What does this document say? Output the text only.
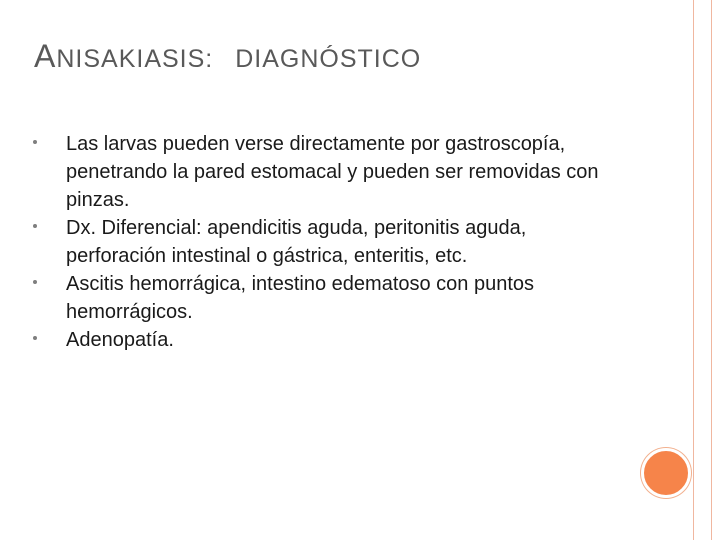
ANISAKIASIS: DIAGNÓSTICO
Las larvas pueden verse directamente por gastroscopía, penetrando la pared estomacal y pueden ser removidas con pinzas.
Dx. Diferencial: apendicitis aguda, peritonitis aguda, perforación intestinal o gástrica, enteritis, etc.
Ascitis hemorrágica, intestino edematoso con puntos hemorrágicos.
Adenopatía.
